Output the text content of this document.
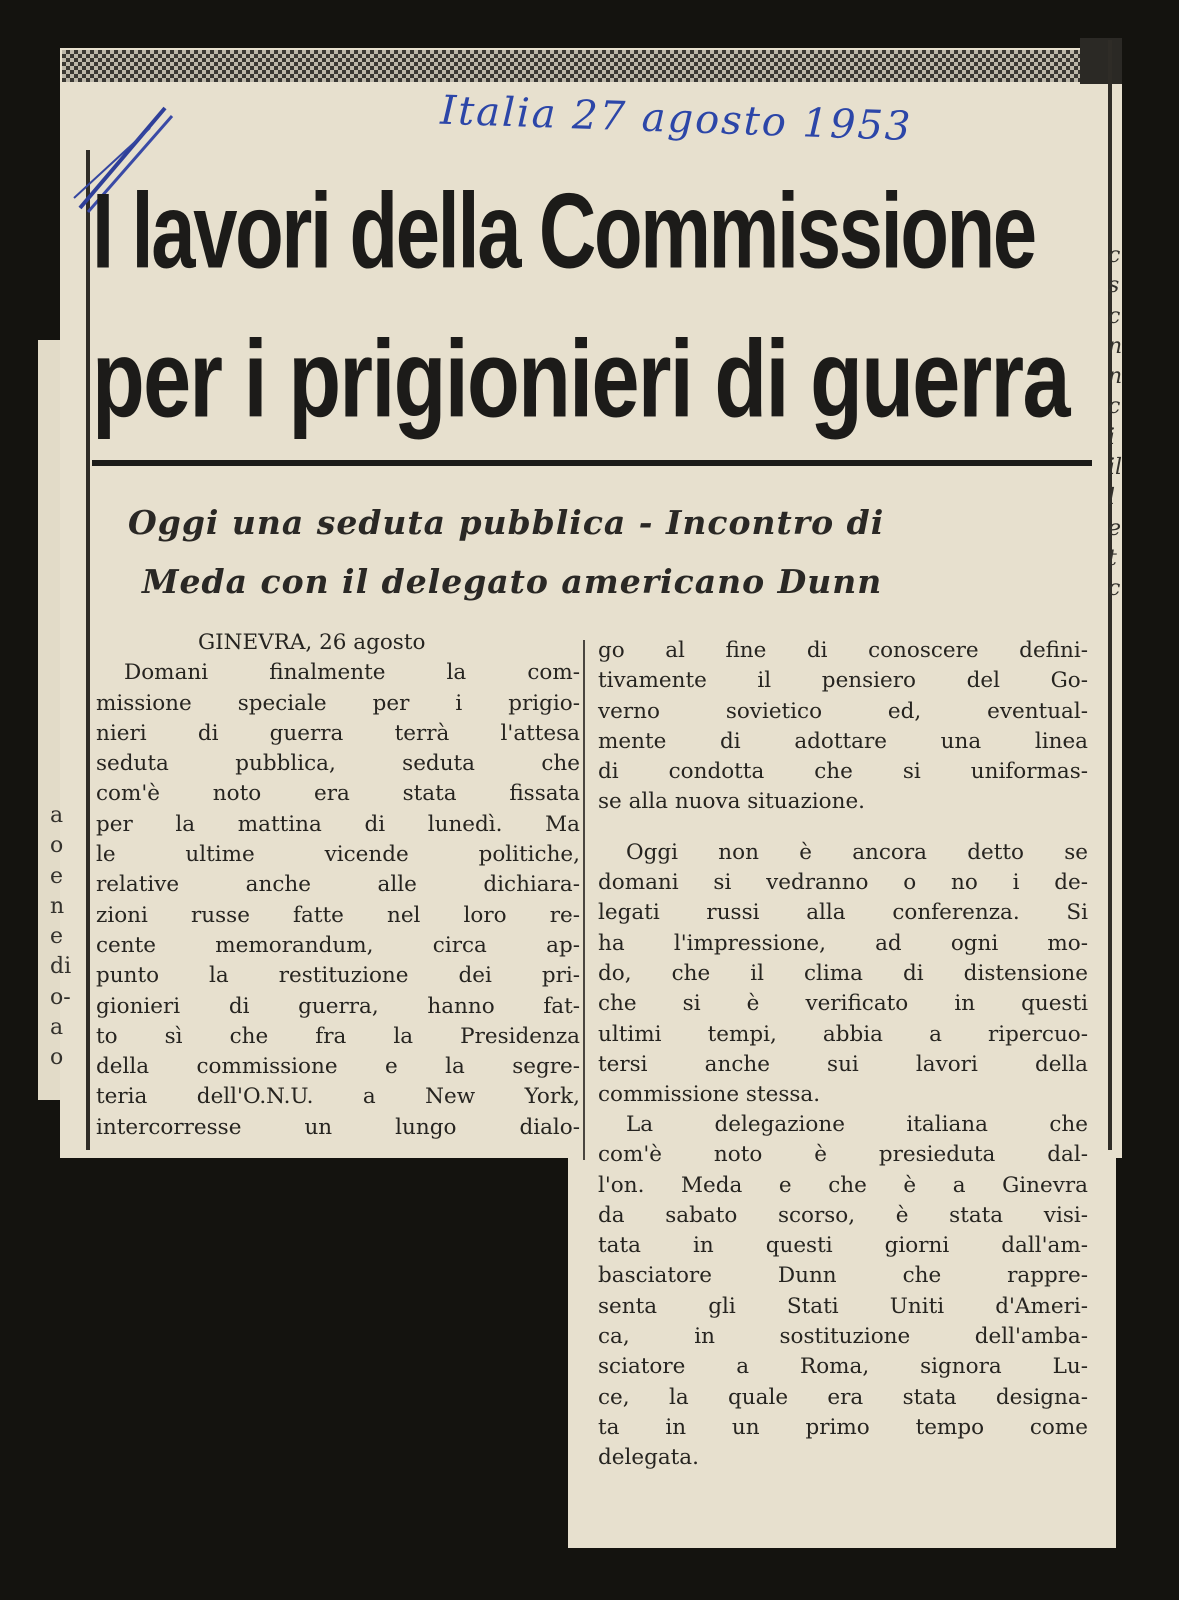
Italia 27 agosto 1953
I lavori della Commissione
per i prigionieri di guerra
Oggi una seduta pubblica - Incontro di
Meda con il delegato americano Dunn
GINEVRA, 26 agosto
Domani finalmente la com-
missione speciale per i prigio-
nieri di guerra terrà l'attesa
seduta pubblica, seduta che
com'è noto era stata fissata
per la mattina di lunedì. Ma
le ultime vicende politiche,
relative anche alle dichiara-
zioni russe fatte nel loro re-
cente memorandum, circa ap-
punto la restituzione dei pri-
gionieri di guerra, hanno fat-
to sì che fra la Presidenza
della commissione e la segre-
teria dell'O.N.U. a New York,
intercorresse un lungo dialo-
go al fine di conoscere defini-
tivamente il pensiero del Go-
verno sovietico ed, eventual-
mente di adottare una linea
di condotta che si uniformas-
se alla nuova situazione.
Oggi non è ancora detto se
domani si vedranno o no i de-
legati russi alla conferenza. Si
ha l'impressione, ad ogni mo-
do, che il clima di distensione
che si è verificato in questi
ultimi tempi, abbia a ripercuo-
tersi anche sui lavori della
commissione stessa.
La delegazione italiana che
com'è noto è presieduta dal-
l'on. Meda e che è a Ginevra
da sabato scorso, è stata visi-
tata in questi giorni dall'am-
basciatore Dunn che rappre-
senta gli Stati Uniti d'Ameri-
ca, in sostituzione dell'amba-
sciatore a Roma, signora Lu-
ce, la quale era stata designa-
ta in un primo tempo come
delegata.
c
s
c
n
n
c
i
il
l
e
t
c
a
o
e
n
e
di
o-
a
o
